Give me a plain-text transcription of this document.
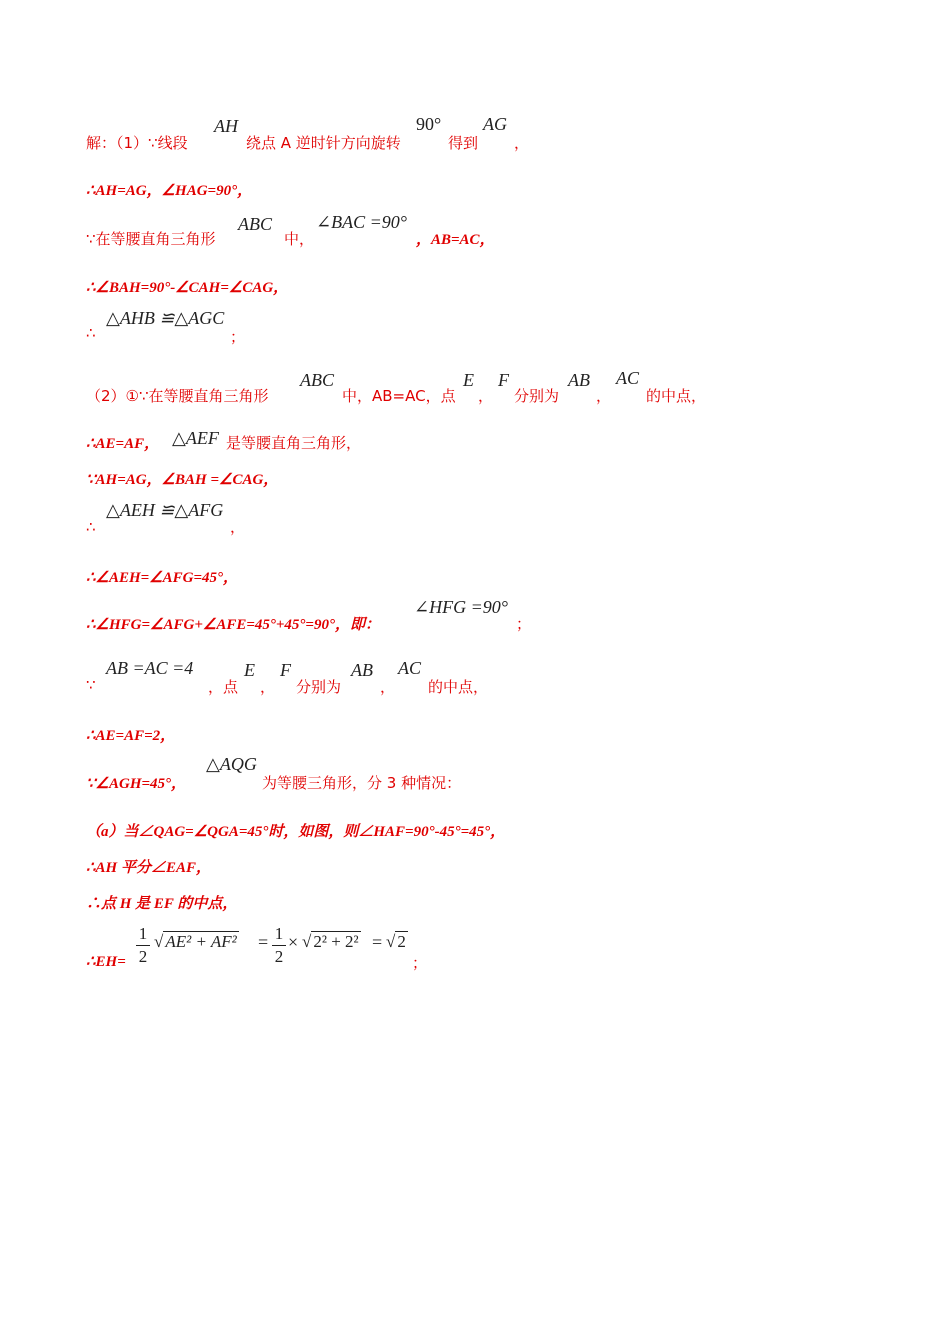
解：（1）∵线段
AH
绕点 A 逆时针方向旋转
90°
得到
AG
，
∴AH=AG，∠HAG=90°，
∵在等腰直角三角形
ABC
中，
∠BAC =90°
，AB=AC，
∴∠BAH=90°-∠CAH=∠CAG，
∴
△AHB ≌△AGC
；
（2）①∵在等腰直角三角形
ABC
中，AB=AC，点
E
，
F
分别为
AB
，
AC
的中点，
∴AE=AF， △AEF 是等腰直角三角形，
∵AH=AG，∠BAH =∠CAG，
∴
△AEH ≌△AFG
，
∴∠AEH=∠AFG=45°，
∴∠HFG=∠AFG+∠AFE=45°+45°=90°，即：
∠HFG =90°
；
∵
AB =AC =4
，点
E
，
F
分别为
AB
，
AC
的中点，
∴AE=AF=2，
∵∠AGH=45°，
△AQG
为等腰三角形，分 3 种情况：
（a）当∠QAG=∠QGA=45°时，如图，则∠HAF=90°-45°=45°，
∴AH 平分∠EAF，
∴点 H 是 EF 的中点，
∴EH=
1
2
√ AE² + AF² = 1
2
× √ 2² + 2² = √ 2
；
